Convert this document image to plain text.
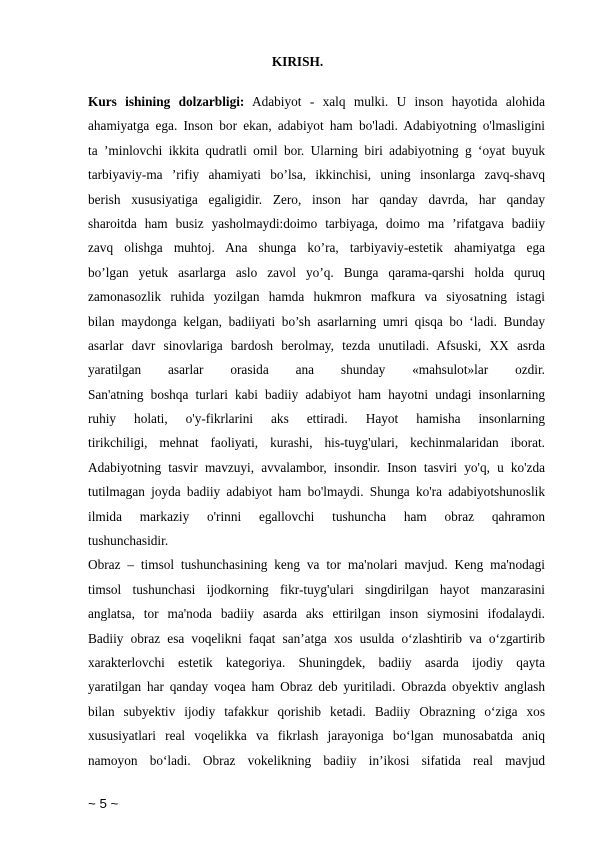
KIRISH.
Kurs ishining dolzarbligi: Adabiyot - xalq mulki. U inson hayotida alohida
ahamiyatga ega. Inson bor ekan, adabiyot ham bo'ladi. Adabiyotning o'lmasligini
ta ’minlovchi ikkita qudratli omil bor. Ularning biri adabiyotning g ‘oyat buyuk
tarbiyaviy-ma ’rifiy ahamiyati bo’lsa, ikkinchisi, uning insonlarga zavq-shavq
berish xususiyatiga egaligidir. Zero, inson har qanday davrda, har qanday
sharoitda ham busiz yasholmaydi:doimo tarbiyaga, doimo ma ’rifatgava badiiy
zavq olishga muhtoj. Ana shunga ko’ra, tarbiyaviy-estetik ahamiyatga ega
bo’lgan yetuk asarlarga aslo zavol yo’q. Bunga qarama-qarshi holda quruq
zamonasozlik ruhida yozilgan hamda hukmron mafkura va siyosatning istagi
bilan maydonga kelgan, badiiyati bo’sh asarlarning umri qisqa bo ‘ladi. Bunday
asarlar davr sinovlariga bardosh berolmay, tezda unutiladi. Afsuski, XX asrda
yaratilgan asarlar orasida ana shunday «mahsulot»lar ozdir.
San'atning boshqa turlari kabi badiiy adabiyot ham hayotni undagi insonlarning
ruhiy holati, o'y-fikrlarini aks ettiradi. Hayot hamisha insonlarning
tirikchiligi, mehnat faoliyati, kurashi, his-tuyg'ulari, kechinmalaridan iborat.
Adabiyotning tasvir mavzuyi, avvalambor, insondir. Inson tasviri yo'q, u ko'zda
tutilmagan joyda badiiy adabiyot ham bo'lmaydi. Shunga ko'ra adabiyotshunoslik
ilmida markaziy o'rinni egallovchi tushuncha ham obraz qahramon
tushunchasidir.
Obraz – timsol tushunchasining keng va tor ma'nolari mavjud. Keng ma'nodagi
timsol tushunchasi ijodkorning fikr-tuyg'ulari singdirilgan hayot manzarasini
anglatsa, tor ma'noda badiiy asarda aks ettirilgan inson siymosini ifodalaydi.
Badiiy obraz esa voqelikni faqat san’atga xos usulda o‘zlashtirib va o‘zgartirib
xarakterlovchi estetik kategoriya. Shuningdek, badiiy asarda ijodiy qayta
yaratilgan har qanday voqea ham Obraz deb yuritiladi. Obrazda obyektiv anglash
bilan subyektiv ijodiy tafakkur qorishib ketadi. Badiiy Obrazning o‘ziga xos
xususiyatlari real voqelikka va fikrlash jarayoniga bo‘lgan munosabatda aniq
namoyon bo‘ladi. Obraz vokelikning badiiy in’ikosi sifatida real mavjud
~ 5 ~
